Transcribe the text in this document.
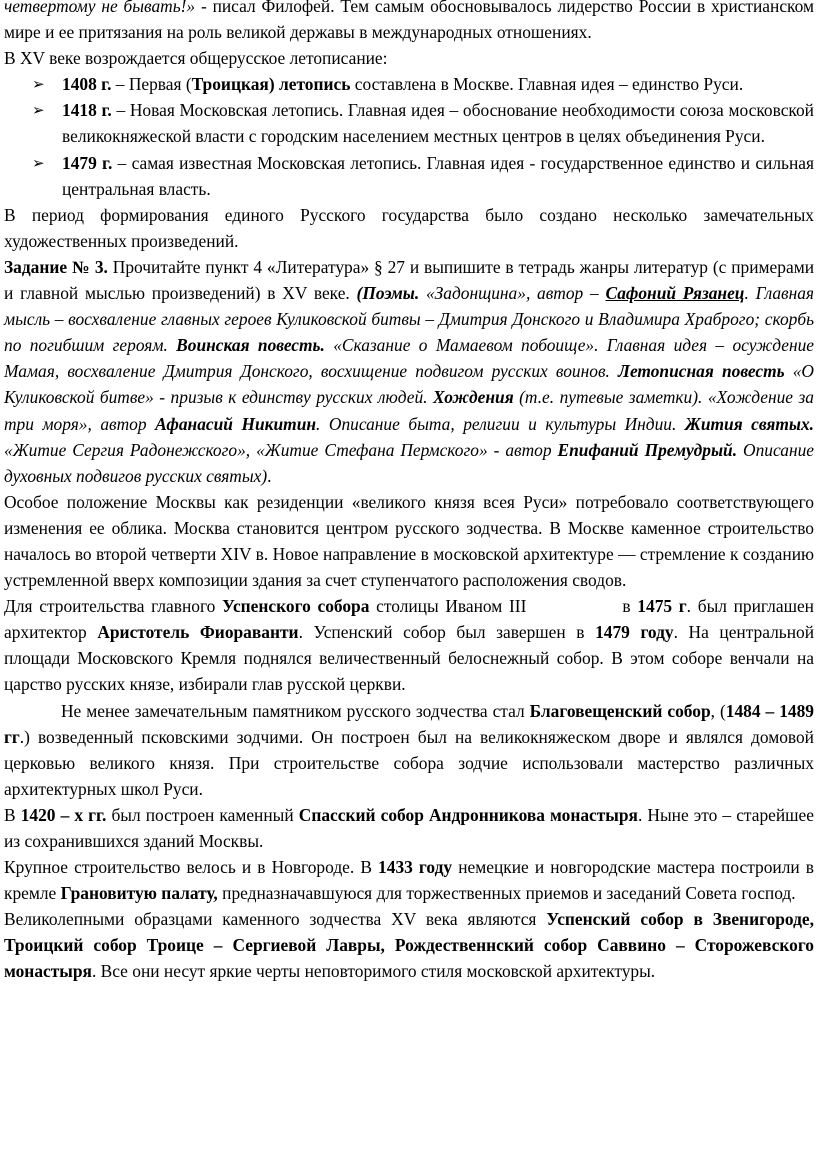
четвертому не бывать!» - писал Филофей. Тем самым обосновывалось лидерство России в христианском мире и ее притязания на роль великой державы в международных отношениях.

В XV веке возрождается общерусское летописание:

➢ 1408 г. – Первая (Троицкая) летопись составлена в Москве. Главная идея – единство Руси.
➢ 1418 г. – Новая Московская летопись. Главная идея – обоснование необходимости союза московской великокняжеской власти с городским населением местных центров в целях объединения Руси.
➢ 1479 г. – самая известная Московская летопись. Главная идея - государственное единство и сильная центральная власть.

В период формирования единого Русского государства было создано несколько замечательных художественных произведений.

Задание № 3. Прочитайте пункт 4 «Литература» § 27 и выпишите в тетрадь жанры литератур (с примерами и главной мыслью произведений) в XV веке. (Поэмы. «Задонщина», автор – Сафоний Рязанец. Главная мысль – восхваление главных героев Куликовской битвы – Дмитрия Донского и Владимира Храброго; скорбь по погибшим героям. Воинская повесть. «Сказание о Мамаевом побоище». Главная идея – осуждение Мамая, восхваление Дмитрия Донского, восхищение подвигом русских воинов. Летописная повесть «О Куликовской битве» - призыв к единству русских людей. Хождения (т.е. путевые заметки). «Хождение за три моря», автор Афанасий Никитин. Описание быта, религии и культуры Индии. Жития святых. «Житие Сергия Радонежского», «Житие Стефана Пермского» - автор Епифаний Премудрый. Описание духовных подвигов русских святых).

Особое положение Москвы как резиденции «великого князя всея Руси» потребовало соответствующего изменения ее облика. Москва становится центром русского зодчества. В Москве каменное строительство началось во второй четверти XIV в. Новое направление в московской архитектуре — стремление к созданию устремленной вверх композиции здания за счет ступенчатого расположения сводов.

Для строительства главного Успенского собора столицы Иваном III	в 1475 г. был приглашен архитектор Аристотель Фиораванти. Успенский собор был завершен в 1479 году. На центральной площади Московского Кремля поднялся величественный белоснежный собор. В этом соборе венчали на царство русских князе, избирали глав русской церкви.

Не менее замечательным памятником русского зодчества стал Благовещенский собор, (1484 – 1489 гг.) возведенный псковскими зодчими. Он построен был на великокняжеском дворе и являлся домовой церковью великого князя. При строительстве собора зодчие использовали мастерство различных архитектурных школ Руси.

В 1420 – х гг. был построен каменный Спасский собор Андронникова монастыря. Ныне это – старейшее из сохранившихся зданий Москвы.

Крупное строительство велось и в Новгороде. В 1433 году немецкие и новгородские мастера построили в кремле Грановитую палату, предназначавшуюся для торжественных приемов и заседаний Совета господ.

Великолепными образцами каменного зодчества XV века являются Успенский собор в Звенигороде, Троицкий собор Троице – Сергиевой Лавры, Рождественнский собор Саввино – Сторожевского монастыря. Все они несут яркие черты неповторимого стиля московской архитектуры.
